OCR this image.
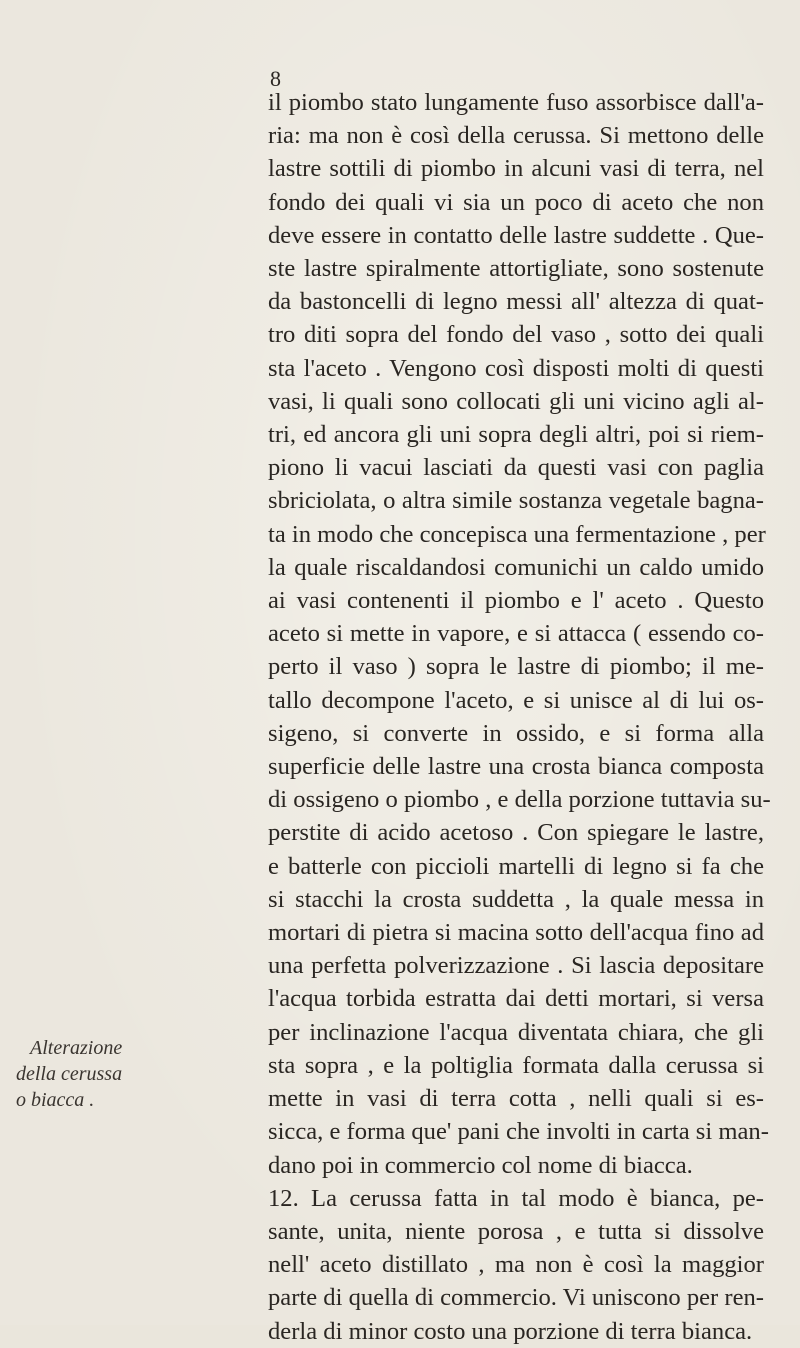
8
Alterazione
della cerussa
o biacca .
il piombo stato lungamente fuso assorbisce dall'a-
ria: ma non è così della cerussa. Si mettono delle
lastre sottili di piombo in alcuni vasi di terra, nel
fondo dei quali vi sia un poco di aceto che non
deve essere in contatto delle lastre suddette . Que-
ste lastre spiralmente attortigliate, sono sostenute
da bastoncelli di legno messi all' altezza di quat-
tro diti sopra del fondo del vaso , sotto dei quali
sta l'aceto . Vengono così disposti molti di questi
vasi, li quali sono collocati gli uni vicino agli al-
tri, ed ancora gli uni sopra degli altri, poi si riem-
piono li vacui lasciati da questi vasi con paglia
sbriciolata, o altra simile sostanza vegetale bagna-
ta in modo che concepisca una fermentazione , per
la quale riscaldandosi comunichi un caldo umido
ai vasi contenenti il piombo e l' aceto . Questo
aceto si mette in vapore, e si attacca ( essendo co-
perto il vaso ) sopra le lastre di piombo; il me-
tallo decompone l'aceto, e si unisce al di lui os-
sigeno, si converte in ossido, e si forma alla
superficie delle lastre una crosta bianca composta
di ossigeno o piombo , e della porzione tuttavia su-
perstite di acido acetoso . Con spiegare le lastre,
e batterle con piccioli martelli di legno si fa che
si stacchi la crosta suddetta , la quale messa in
mortari di pietra si macina sotto dell'acqua fino ad
una perfetta polverizzazione . Si lascia depositare
l'acqua torbida estratta dai detti mortari, si versa
per inclinazione l'acqua diventata chiara, che gli
sta sopra , e la poltiglia formata dalla cerussa si
mette in vasi di terra cotta , nelli quali si es-
sicca, e forma que' pani che involti in carta si man-
dano poi in commercio col nome di biacca.
12. La cerussa fatta in tal modo è bianca, pe-
sante, unita, niente porosa , e tutta si dissolve
nell' aceto distillato , ma non è così la maggior
parte di quella di commercio. Vi uniscono per ren-
derla di minor costo una porzione di terra bianca.
